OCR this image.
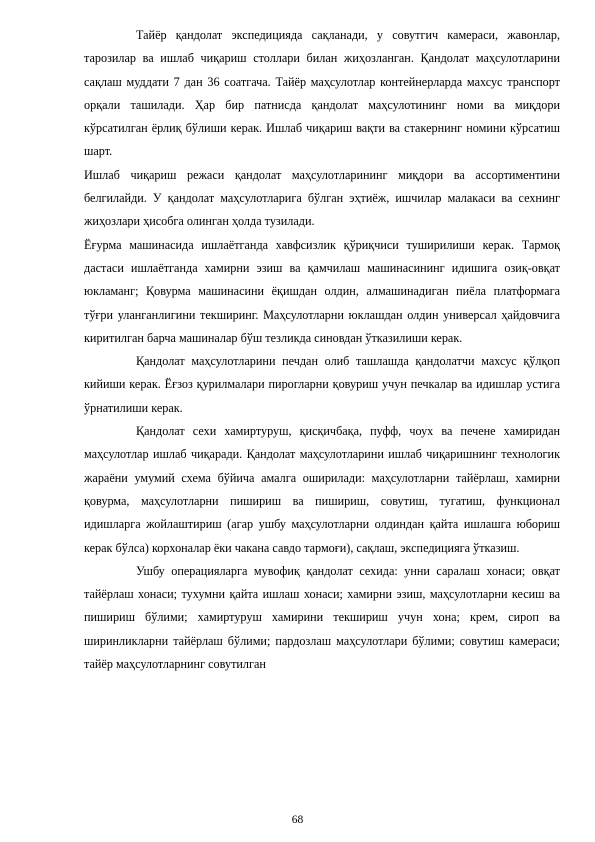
Тайёр қандолат экспедицияда сақланади, у совутгич камераси, жавонлар, тарозилар ва ишлаб чиқариш столлари билан жиҳозланган. Қандолат маҳсулотларини сақлаш муддати 7 дан 36 соатгача. Тайёр маҳсулотлар контейнерларда махсус транспорт орқали ташилади. Ҳар бир патнисда қандолат маҳсулотининг номи ва миқдори кўрсатилган ёрлиқ бўлиши керак. Ишлаб чиқариш вақти ва стакернинг номини кўрсатиш шарт.

Ишлаб чиқариш режаси қандолат маҳсулотларининг миқдори ва ассортиментини белгилайди. У қандолат маҳсулотларига бўлган эҳтиёж, ишчилар малакаси ва сехнинг жиҳозлари ҳисобга олинган ҳолда тузилади.

Ёғурма машинасида ишлаётганда хавфсизлик қўриқчиси туширилиши керак. Тармоқ дастаси ишлаётганда хамирни эзиш ва қамчилаш машинасининг идишига озиқ-овқат юкламанг; Қовурма машинасини ёқишдан олдин, алмашинадиган пиёла платформага тўғри уланганлигини текширинг. Маҳсулотларни юклашдан олдин универсал ҳайдовчига киритилган барча машиналар бўш тезликда синовдан ўтказилиши керак.

Қандолат маҳсулотларини печдан олиб ташлашда қандолатчи махсус қўлқоп кийиши керак. Ёғзоз қурилмалари пирогларни қовуриш учун печкалар ва идишлар устига ўрнатилиши керак.

Қандолат сехи хамиртуруш, қисқичбақа, пуфф, чоух ва печене хамиридан маҳсулотлар ишлаб чиқаради. Қандолат маҳсулотларини ишлаб чиқаришнинг технологик жараёни умумий схема бўйича амалга оширилади: маҳсулотларни тайёрлаш, хамирни қовурма, маҳсулотларни пишириш ва пишириш, совутиш, тугатиш, функционал идишларга жойлаштириш (агар ушбу маҳсулотларни олдиндан қайта ишлашга юбориш керак бўлса) корхоналар ёки чакана савдо тармоғи), сақлаш, экспедицияга ўтказиш.

Ушбу операцияларга мувофиқ қандолат сехида: унни саралаш хонаси; овқат тайёрлаш хонаси; тухумни қайта ишлаш хонаси; хамирни эзиш, маҳсулотларни кесиш ва пишириш бўлими; хамиртуруш хамирини текшириш учун хона; крем, сироп ва ширинликларни тайёрлаш бўлими; пардозлаш маҳсулотлари бўлими; совутиш камераси; тайёр маҳсулотларнинг совутилган

68
